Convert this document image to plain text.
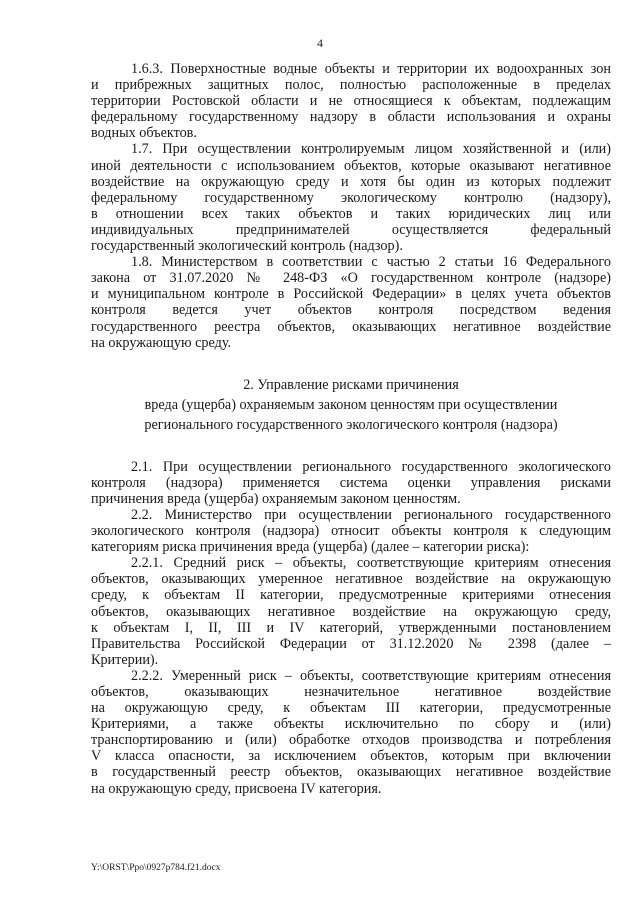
4

1.6.3. Поверхностные водные объекты и территории их водоохранных зон
и прибрежных защитных полос, полностью расположенные в пределах
территории Ростовской области и не относящиеся к объектам, подлежащим
федеральному государственному надзору в области использования и охраны
водных объектов.

1.7. При осуществлении контролируемым лицом хозяйственной и (или)
иной деятельности с использованием объектов, которые оказывают негативное
воздействие на окружающую среду и хотя бы один из которых подлежит
федеральному государственному экологическому контролю (надзору),
в отношении всех таких объектов и таких юридических лиц или
индивидуальных предпринимателей осуществляется федеральный
государственный экологический контроль (надзор).

1.8. Министерством в соответствии с частью 2 статьи 16 Федерального
закона от 31.07.2020 № 248-ФЗ «О государственном контроле (надзоре)
и муниципальном контроле в Российской Федерации» в целях учета объектов
контроля ведется учет объектов контроля посредством ведения
государственного реестра объектов, оказывающих негативное воздействие
на окружающую среду.

2. Управление рисками причинения

вреда (ущерба) охраняемым законом ценностям при осуществлении

регионального государственного экологического контроля (надзора)

2.1. При осуществлении регионального государственного экологического
контроля (надзора) применяется система оценки управления рисками
причинения вреда (ущерба) охраняемым законом ценностям.

2.2. Министерство при осуществлении регионального государственного
экологического контроля (надзора) относит объекты контроля к следующим
категориям риска причинения вреда (ущерба) (далее – категории риска):

2.2.1. Средний риск – объекты, соответствующие критериям отнесения
объектов, оказывающих умеренное негативное воздействие на окружающую
среду, к объектам II категории, предусмотренные критериями отнесения
объектов, оказывающих негативное воздействие на окружающую среду,
к объектам I, II, III и IV категорий, утвержденными постановлением
Правительства Российской Федерации от 31.12.2020 № 2398 (далее –
Критерии).

2.2.2. Умеренный риск – объекты, соответствующие критериям отнесения
объектов, оказывающих незначительное негативное воздействие
на окружающую среду, к объектам III категории, предусмотренные
Критериями, а также объекты исключительно по сбору и (или)
транспортированию и (или) обработке отходов производства и потребления
V класса опасности, за исключением объектов, которым при включении
в государственный реестр объектов, оказывающих негативное воздействие
на окружающую среду, присвоена IV категория.

Y:\ORST\Ppo\0927p784.f21.docx
